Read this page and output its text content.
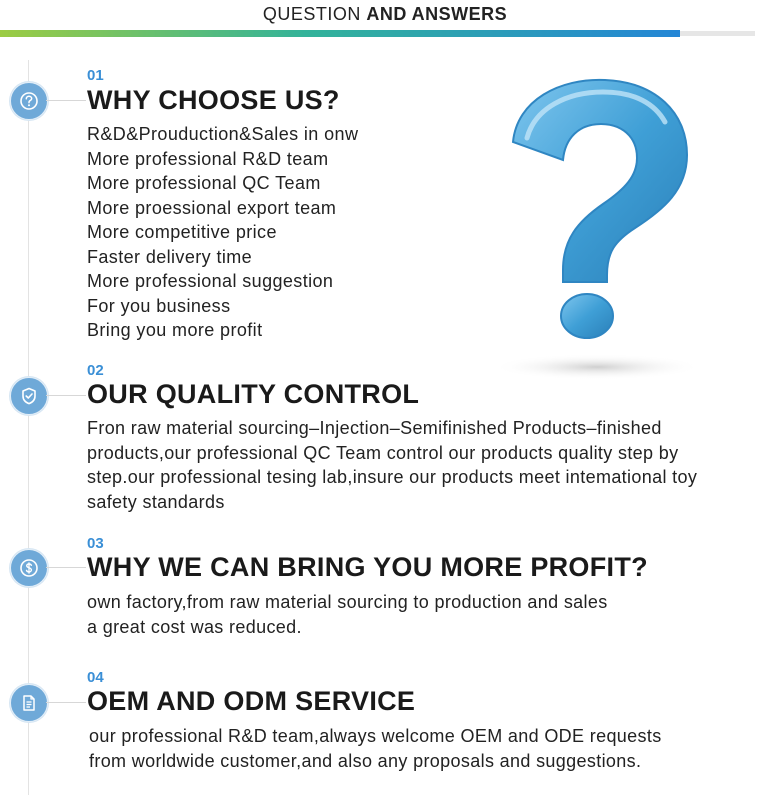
QUESTION AND ANSWERS
01
WHY CHOOSE US?
R&D&Prouduction&Sales in onw
More professional R&D team
More professional QC Team
More proessional export team
More competitive price
Faster delivery time
More professional suggestion
For you business
Bring you more profit
02
OUR QUALITY CONTROL
Fron raw material sourcing–Injection–Semifinished Products–finished
products,our professional QC Team control our products quality step by
step.our professional tesing lab,insure our products meet intemational toy
safety standards
03
WHY WE CAN BRING YOU MORE PROFIT?
own factory,from raw material sourcing to production and sales
a great cost was reduced.
04
OEM AND ODM SERVICE
our professional R&D team,always welcome OEM and ODE requests
from worldwide customer,and also any proposals and suggestions.
